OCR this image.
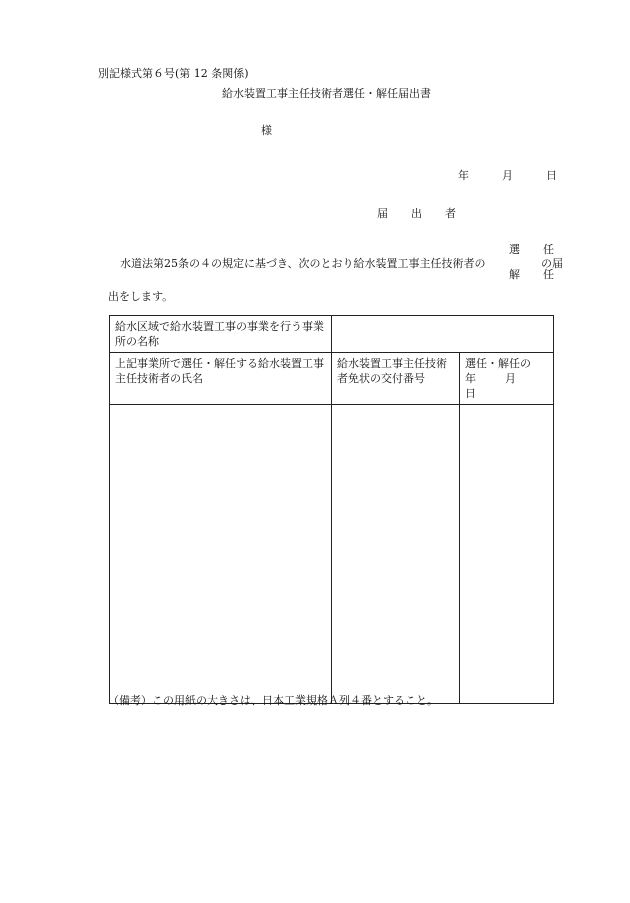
別記様式第６号(第 12 条関係)
給水装置工事主任技術者選任・解任届出書
様
年	月	日
届　出　者
水道法第25条の４の規定に基づき、次のとおり給水装置工事主任技術者の
選　任
解　任
の届
出をします。
給水区域で給水装置工事の事業を行う事業所の名称		
上記事業所で選任・解任する給水装置工事主任技術者の氏名	給水装置工事主任技術者免状の交付番号	選任・解任の
年 月  日

（備考）この用紙の大きさは、日本工業規格Ａ列４番とすること。
